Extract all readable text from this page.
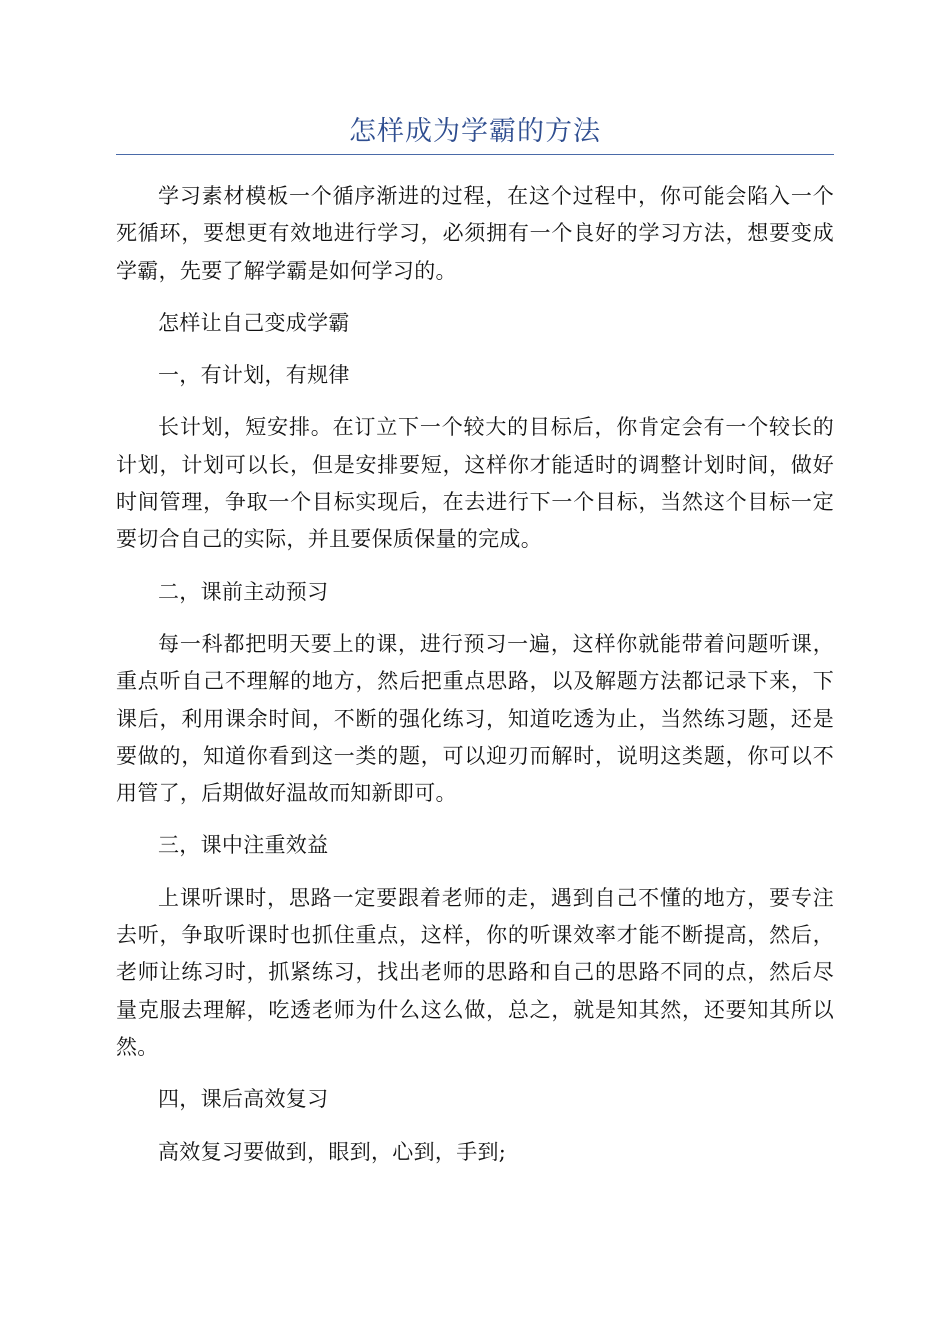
怎样成为学霸的方法

学习素材模板一个循序渐进的过程，在这个过程中，你可能会陷入一个死循环，要想更有效地进行学习，必须拥有一个良好的学习方法，想要变成学霸，先要了解学霸是如何学习的。

怎样让自己变成学霸

一，有计划，有规律

长计划，短安排。在订立下一个较大的目标后，你肯定会有一个较长的计划，计划可以长，但是安排要短，这样你才能适时的调整计划时间，做好时间管理，争取一个目标实现后，在去进行下一个目标，当然这个目标一定要切合自己的实际，并且要保质保量的完成。

二，课前主动预习

每一科都把明天要上的课，进行预习一遍，这样你就能带着问题听课，重点听自己不理解的地方，然后把重点思路，以及解题方法都记录下来，下课后，利用课余时间，不断的强化练习，知道吃透为止，当然练习题，还是要做的，知道你看到这一类的题，可以迎刃而解时，说明这类题，你可以不用管了，后期做好温故而知新即可。

三，课中注重效益

上课听课时，思路一定要跟着老师的走，遇到自己不懂的地方，要专注去听，争取听课时也抓住重点，这样，你的听课效率才能不断提高，然后，老师让练习时，抓紧练习，找出老师的思路和自己的思路不同的点，然后尽量克服去理解，吃透老师为什么这么做，总之，就是知其然，还要知其所以然。

四，课后高效复习

高效复习要做到，眼到，心到，手到;
